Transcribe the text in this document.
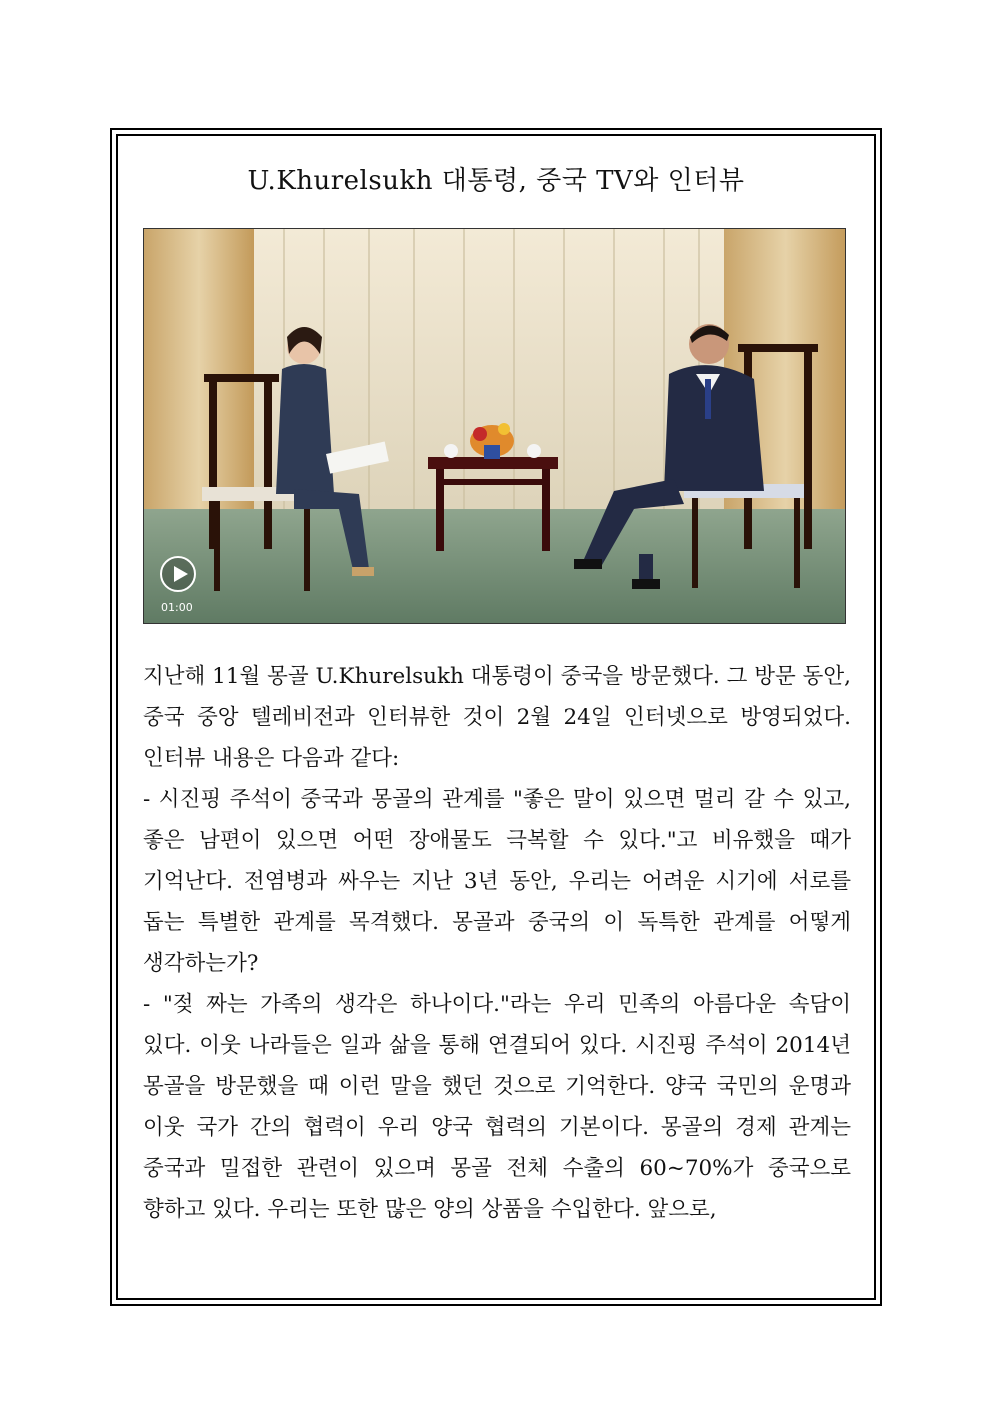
U.Khurelsukh 대통령, 중국 TV와 인터뷰
01:00

지난해 11월 몽골 U.Khurelsukh 대통령이 중국을 방문했다. 그 방문 동안, 중국 중앙 텔레비전과 인터뷰한 것이 2월 24일 인터넷으로 방영되었다. 인터뷰 내용은 다음과 같다:

- 시진핑 주석이 중국과 몽골의 관계를 "좋은 말이 있으면 멀리 갈 수 있고, 좋은 남편이 있으면 어떤 장애물도 극복할 수 있다."고 비유했을 때가 기억난다. 전염병과 싸우는 지난 3년 동안, 우리는 어려운 시기에 서로를 돕는 특별한 관계를 목격했다. 몽골과 중국의 이 독특한 관계를 어떻게 생각하는가?

- "젖 짜는 가족의 생각은 하나이다."라는 우리 민족의 아름다운 속담이 있다. 이웃 나라들은 일과 삶을 통해 연결되어 있다. 시진핑 주석이 2014년 몽골을 방문했을 때 이런 말을 했던 것으로 기억한다. 양국 국민의 운명과 이웃 국가 간의 협력이 우리 양국 협력의 기본이다. 몽골의 경제 관계는 중국과 밀접한 관련이 있으며 몽골 전체 수출의 60~70%가 중국으로 향하고 있다. 우리는 또한 많은 양의 상품을 수입한다. 앞으로,
